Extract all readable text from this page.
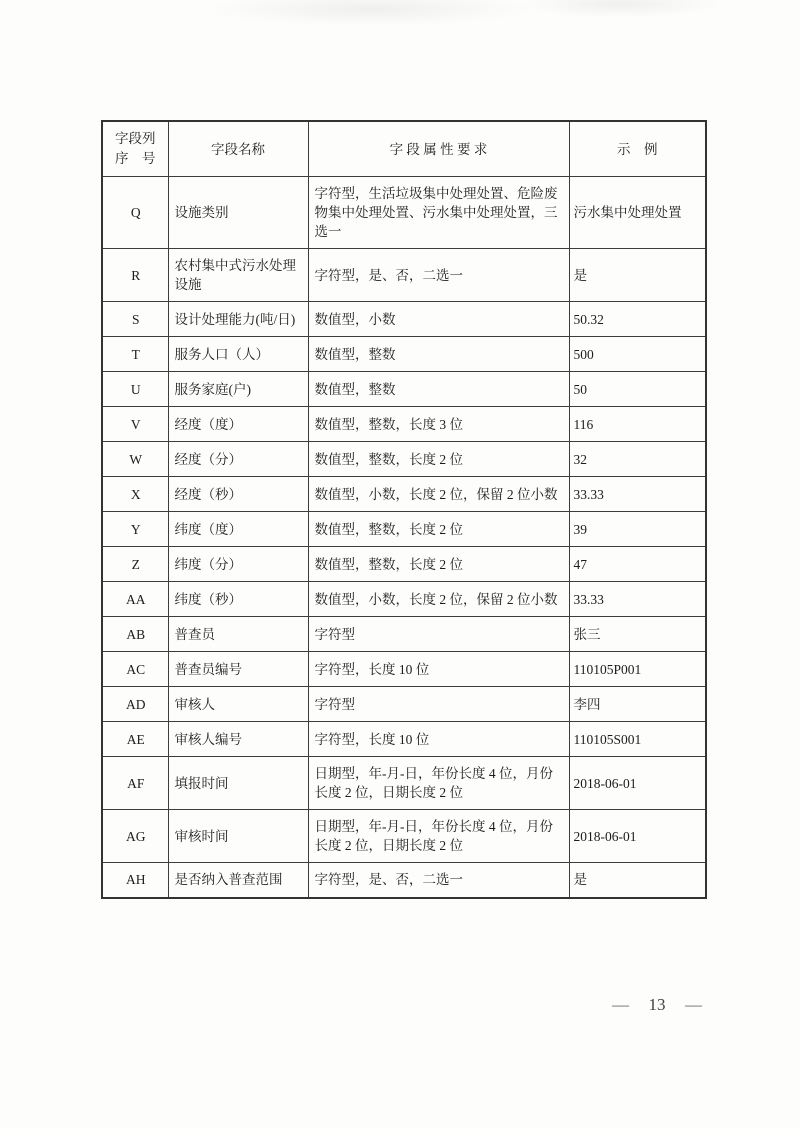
字段列
序　号	字段名称	字 段 属 性 要 求	示　例
Q	设施类别	字符型，生活垃圾集中处理处置、危险废物集中处理处置、污水集中处理处置，三选一	污水集中处理处置
R	农村集中式污水处理设施	字符型，是、否，二选一	是
S	设计处理能力(吨/日)	数值型，小数	50.32
T	服务人口（人）	数值型，整数	500
U	服务家庭(户)	数值型，整数	50
V	经度（度）	数值型，整数，长度 3 位	116
W	经度（分）	数值型，整数，长度 2 位	32
X	经度（秒）	数值型，小数，长度 2 位，保留 2 位小数	33.33
Y	纬度（度）	数值型，整数，长度 2 位	39
Z	纬度（分）	数值型，整数，长度 2 位	47
AA	纬度（秒）	数值型，小数，长度 2 位，保留 2 位小数	33.33
AB	普查员	字符型	张三
AC	普查员编号	字符型，长度 10 位	110105P001
AD	审核人	字符型	李四
AE	审核人编号	字符型，长度 10 位	110105S001
AF	填报时间	日期型，年-月-日，年份长度 4 位，月份长度 2 位，日期长度 2 位	2018-06-01
AG	审核时间	日期型，年-月-日，年份长度 4 位，月份长度 2 位，日期长度 2 位	2018-06-01
AH	是否纳入普查范围	字符型，是、否，二选一	是
— 13 —
